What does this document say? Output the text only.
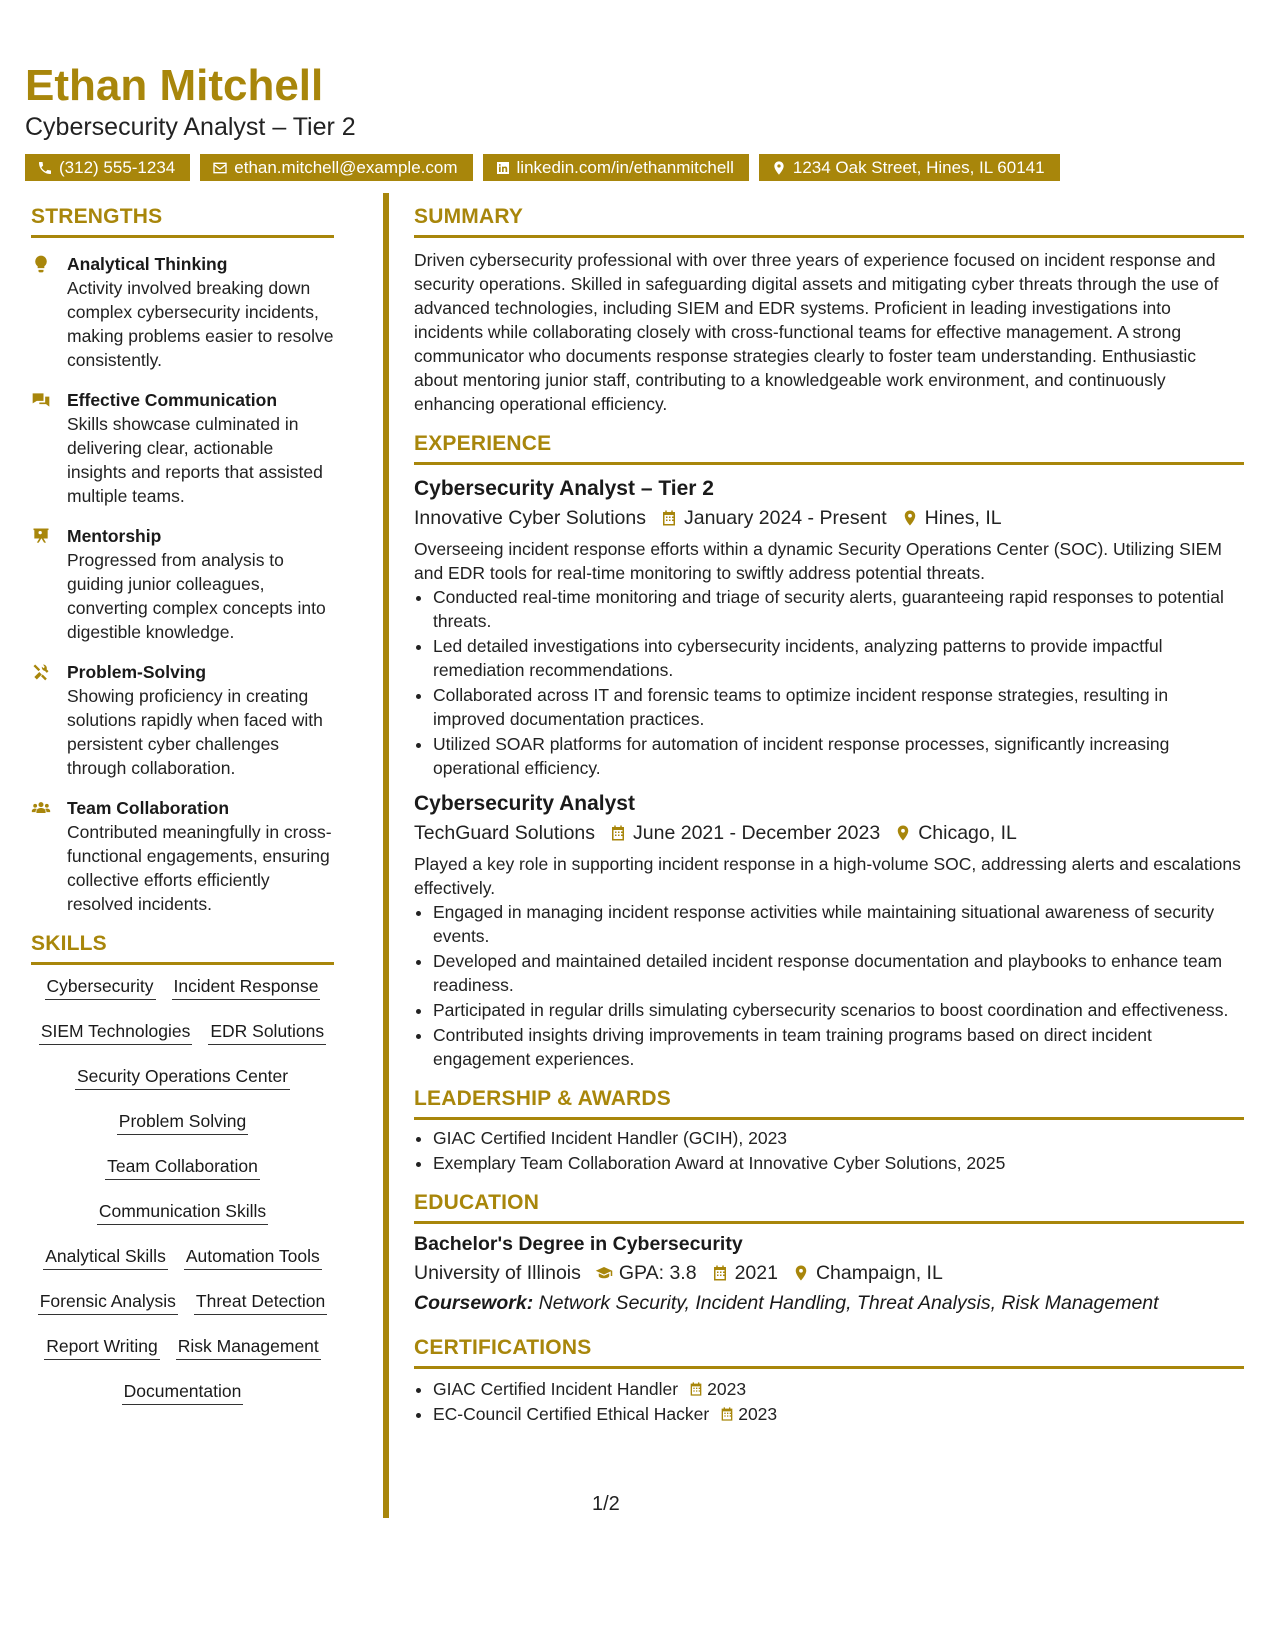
Ethan Mitchell

Cybersecurity Analyst – Tier 2

(312) 555-1234	ethan.mitchell@example.com	linkedin.com/in/ethanmitchell	1234 Oak Street, Hines, IL 60141
STRENGTHS
Analytical Thinking
Activity involved breaking down complex cybersecurity incidents, making problems easier to resolve consistently.
Effective Communication
Skills showcase culminated in delivering clear, actionable insights and reports that assisted multiple teams.
Mentorship
Progressed from analysis to guiding junior colleagues, converting complex concepts into digestible knowledge.
Problem-Solving
Showing proficiency in creating solutions rapidly when faced with persistent cyber challenges through collaboration.
Team Collaboration
Contributed meaningfully in cross-functional engagements, ensuring collective efforts efficiently resolved incidents.
SKILLS
Cybersecurity Incident Response
SIEM Technologies EDR Solutions
Security Operations Center
Problem Solving
Team Collaboration
Communication Skills
Analytical Skills Automation Tools
Forensic Analysis Threat Detection
Report Writing Risk Management
Documentation
SUMMARY

Driven cybersecurity professional with over three years of experience focused on incident response and security operations. Skilled in safeguarding digital assets and mitigating cyber threats through the use of advanced technologies, including SIEM and EDR systems. Proficient in leading investigations into incidents while collaborating closely with cross-functional teams for effective management. A strong communicator who documents response strategies clearly to foster team understanding. Enthusiastic about mentoring junior staff, contributing to a knowledgeable work environment, and continuously enhancing operational efficiency.

EXPERIENCE
Cybersecurity Analyst – Tier 2
Innovative Cyber Solutions January 2024 - Present Hines, IL

Overseeing incident response efforts within a dynamic Security Operations Center (SOC). Utilizing SIEM and EDR tools for real-time monitoring to swiftly address potential threats.

• Conducted real-time monitoring and triage of security alerts, guaranteeing rapid responses to potential threats.
• Led detailed investigations into cybersecurity incidents, analyzing patterns to provide impactful remediation recommendations.
• Collaborated across IT and forensic teams to optimize incident response strategies, resulting in improved documentation practices.
• Utilized SOAR platforms for automation of incident response processes, significantly increasing operational efficiency.
Cybersecurity Analyst
TechGuard Solutions June 2021 - December 2023 Chicago, IL

Played a key role in supporting incident response in a high-volume SOC, addressing alerts and escalations effectively.

• Engaged in managing incident response activities while maintaining situational awareness of security events.
• Developed and maintained detailed incident response documentation and playbooks to enhance team readiness.
• Participated in regular drills simulating cybersecurity scenarios to boost coordination and effectiveness.
• Contributed insights driving improvements in team training programs based on direct incident engagement experiences.
LEADERSHIP & AWARDS
• GIAC Certified Incident Handler (GCIH), 2023
• Exemplary Team Collaboration Award at Innovative Cyber Solutions, 2025
EDUCATION
Bachelor's Degree in Cybersecurity
University of Illinois GPA: 3.8 2021 Champaign, IL
Coursework: Network Security, Incident Handling, Threat Analysis, Risk Management
CERTIFICATIONS
• GIAC Certified Incident Handler 2023
• EC-Council Certified Ethical Hacker 2023
1/2
